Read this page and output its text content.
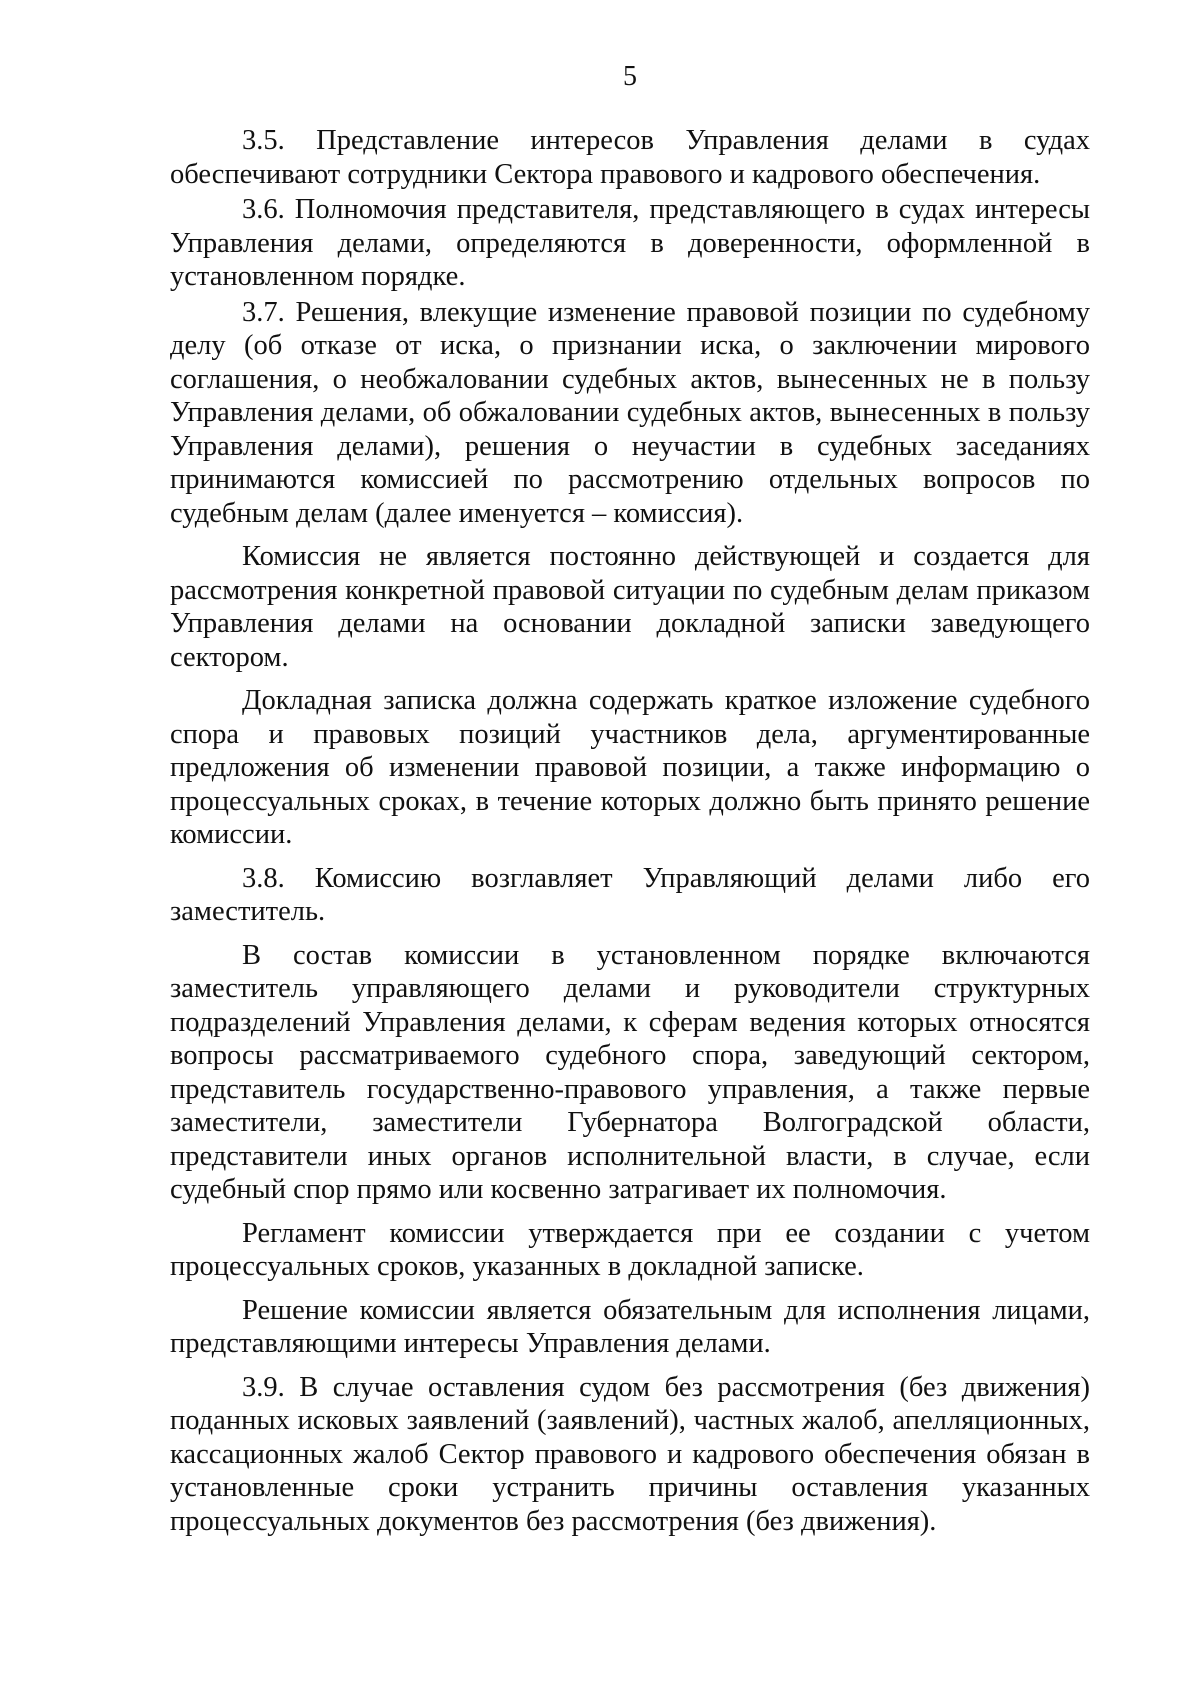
5

3.5. Представление интересов Управления делами в судах обеспечивают сотрудники Сектора правового и кадрового обеспечения.

3.6. Полномочия представителя, представляющего в судах интересы Управления делами, определяются в доверенности, оформленной в установленном порядке.

3.7. Решения, влекущие изменение правовой позиции по судебному делу (об отказе от иска, о признании иска, о заключении мирового соглашения, о необжаловании судебных актов, вынесенных не в пользу Управления делами, об обжаловании судебных актов, вынесенных в пользу Управления делами), решения о неучастии в судебных заседаниях принимаются комиссией по рассмотрению отдельных вопросов по судебным делам (далее именуется – комиссия).

Комиссия не является постоянно действующей и создается для рассмотрения конкретной правовой ситуации по судебным делам приказом Управления делами на основании докладной записки заведующего сектором.

Докладная записка должна содержать краткое изложение судебного спора и правовых позиций участников дела, аргументированные предложения об изменении правовой позиции, а также информацию о процессуальных сроках, в течение которых должно быть принято решение комиссии.

3.8. Комиссию возглавляет Управляющий делами либо его заместитель.

В состав комиссии в установленном порядке включаются заместитель управляющего делами и руководители структурных подразделений Управления делами, к сферам ведения которых относятся вопросы рассматриваемого судебного спора, заведующий сектором, представитель государственно-правового управления, а также первые заместители, заместители Губернатора Волгоградской области, представители иных органов исполнительной власти, в случае, если судебный спор прямо или косвенно затрагивает их полномочия.

Регламент комиссии утверждается при ее создании с учетом процессуальных сроков, указанных в докладной записке.

Решение комиссии является обязательным для исполнения лицами, представляющими интересы Управления делами.

3.9. В случае оставления судом без рассмотрения (без движения) поданных исковых заявлений (заявлений), частных жалоб, апелляционных, кассационных жалоб Сектор правового и кадрового обеспечения обязан в установленные сроки устранить причины оставления указанных процессуальных документов без рассмотрения (без движения).
